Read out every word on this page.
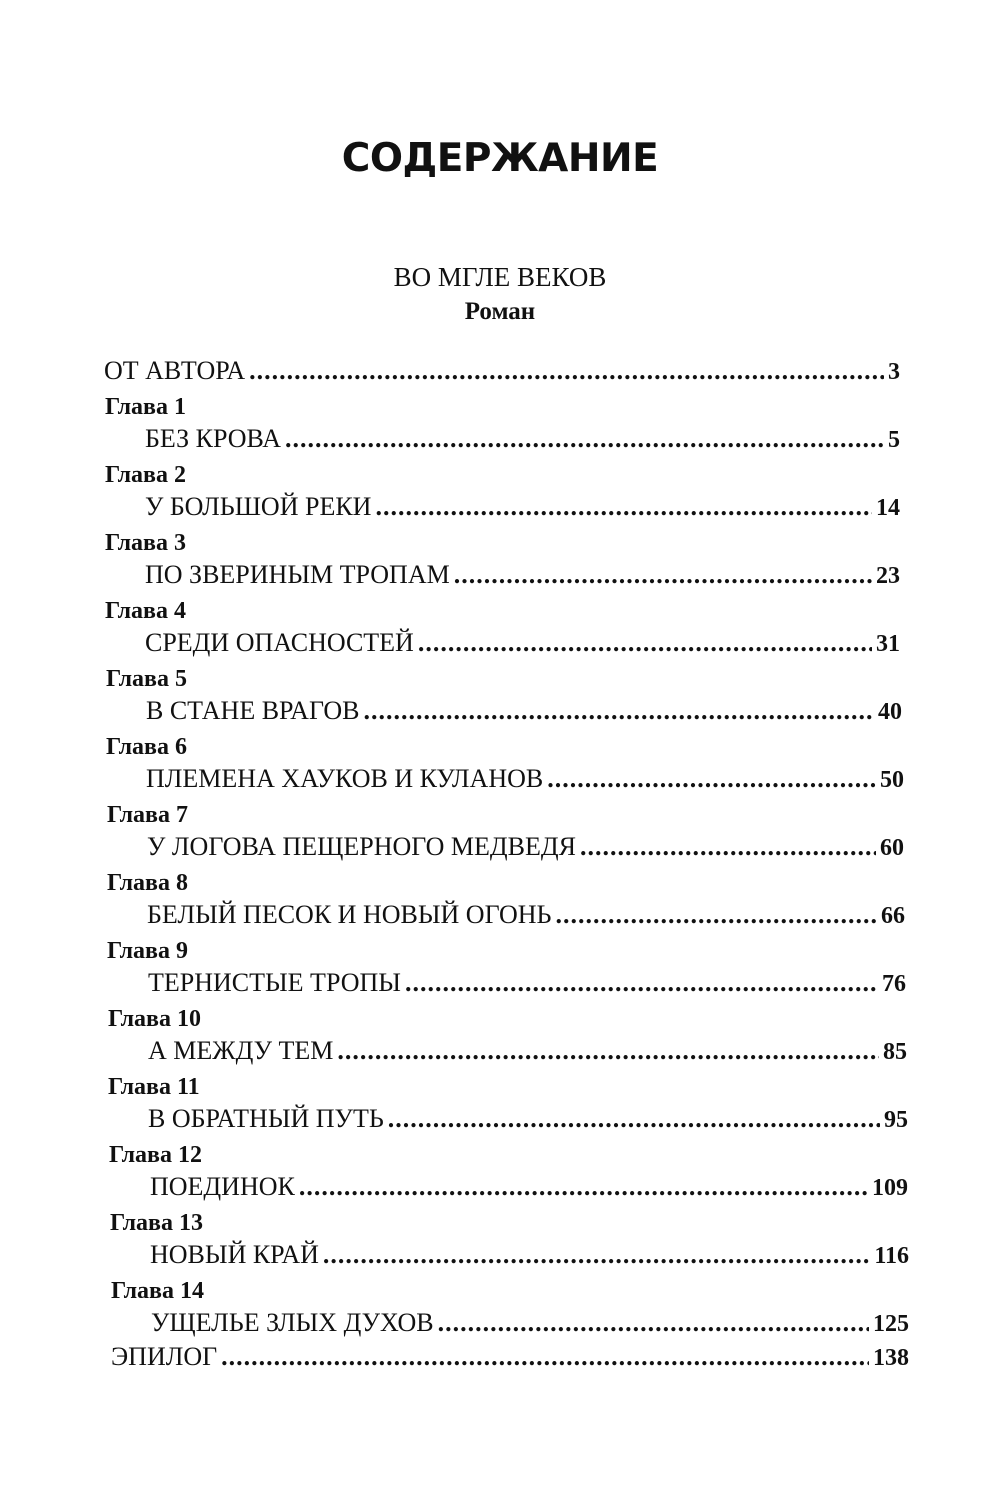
СОДЕРЖАНИЕ
ВО МГЛЕ ВЕКОВ
Роман
ОТ АВТОРА .....	3
Глава 1
БЕЗ КРОВА .....	5
Глава 2
У БОЛЬШОЙ РЕКИ .....	14
Глава 3
ПО ЗВЕРИНЫМ ТРОПАМ .....	23
Глава 4
СРЕДИ ОПАСНОСТЕЙ .....	31
Глава 5
В СТАНЕ ВРАГОВ .....	40
Глава 6
ПЛЕМЕНА ХАУКОВ И КУЛАНОВ .....	50
Глава 7
У ЛОГОВА ПЕЩЕРНОГО МЕДВЕДЯ .....	60
Глава 8
БЕЛЫЙ ПЕСОК И НОВЫЙ ОГОНЬ .....	66
Глава 9
ТЕРНИСТЫЕ ТРОПЫ .....	76
Глава 10
А МЕЖДУ ТЕМ .....	85
Глава 11
В ОБРАТНЫЙ ПУТЬ .....	95
Глава 12
ПОЕДИНОК .....	109
Глава 13
НОВЫЙ КРАЙ .....	116
Глава 14
УЩЕЛЬЕ ЗЛЫХ ДУХОВ .....	125
ЭПИЛОГ .....	138
